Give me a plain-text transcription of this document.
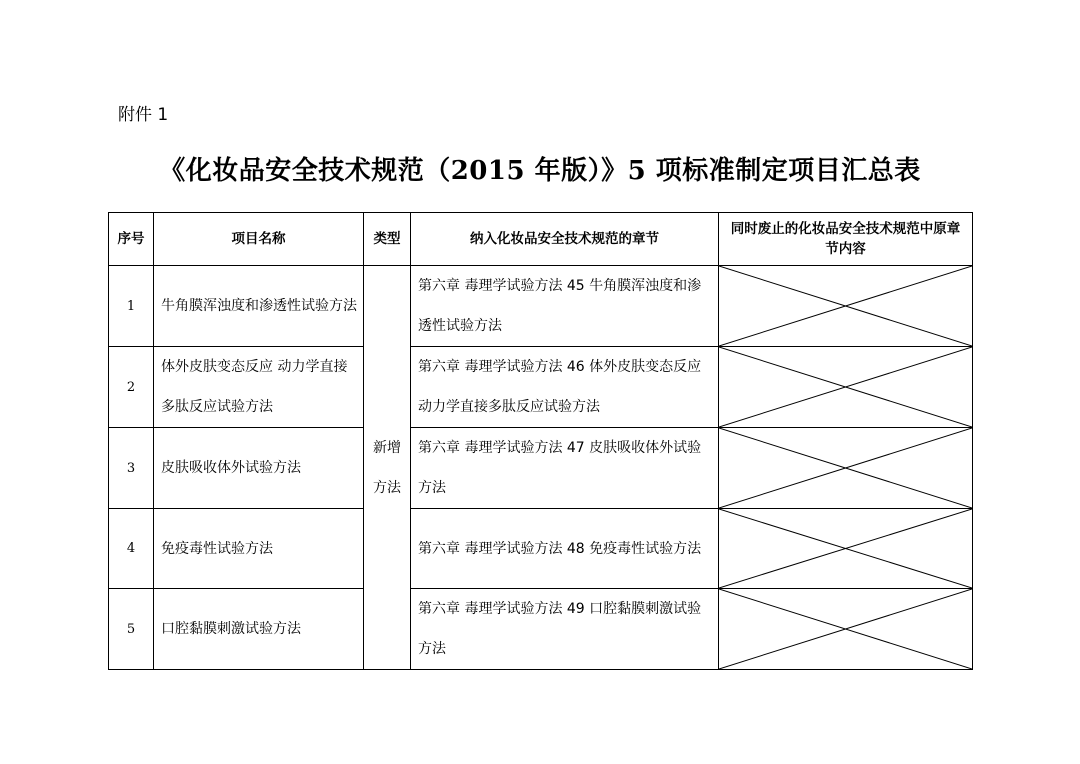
附件 1
《化妆品安全技术规范（2015 年版）》5 项标准制定项目汇总表
序号	项目名称	类型	纳入化妆品安全技术规范的章节	同时废止的化妆品安全技术规范中原章节内容
1	牛角膜浑浊度和渗透性试验方法	新增方法	第六章 毒理学试验方法 45 牛角膜浑浊度和渗透性试验方法	

2	体外皮肤变态反应 动力学直接多肽反应试验方法		第六章 毒理学试验方法 46 体外皮肤变态反应 动力学直接多肽反应试验方法	

3	皮肤吸收体外试验方法		第六章 毒理学试验方法 47 皮肤吸收体外试验方法	

4	免疫毒性试验方法		第六章 毒理学试验方法 48 免疫毒性试验方法	

5	口腔黏膜刺激试验方法		第六章 毒理学试验方法 49 口腔黏膜刺激试验方法	
